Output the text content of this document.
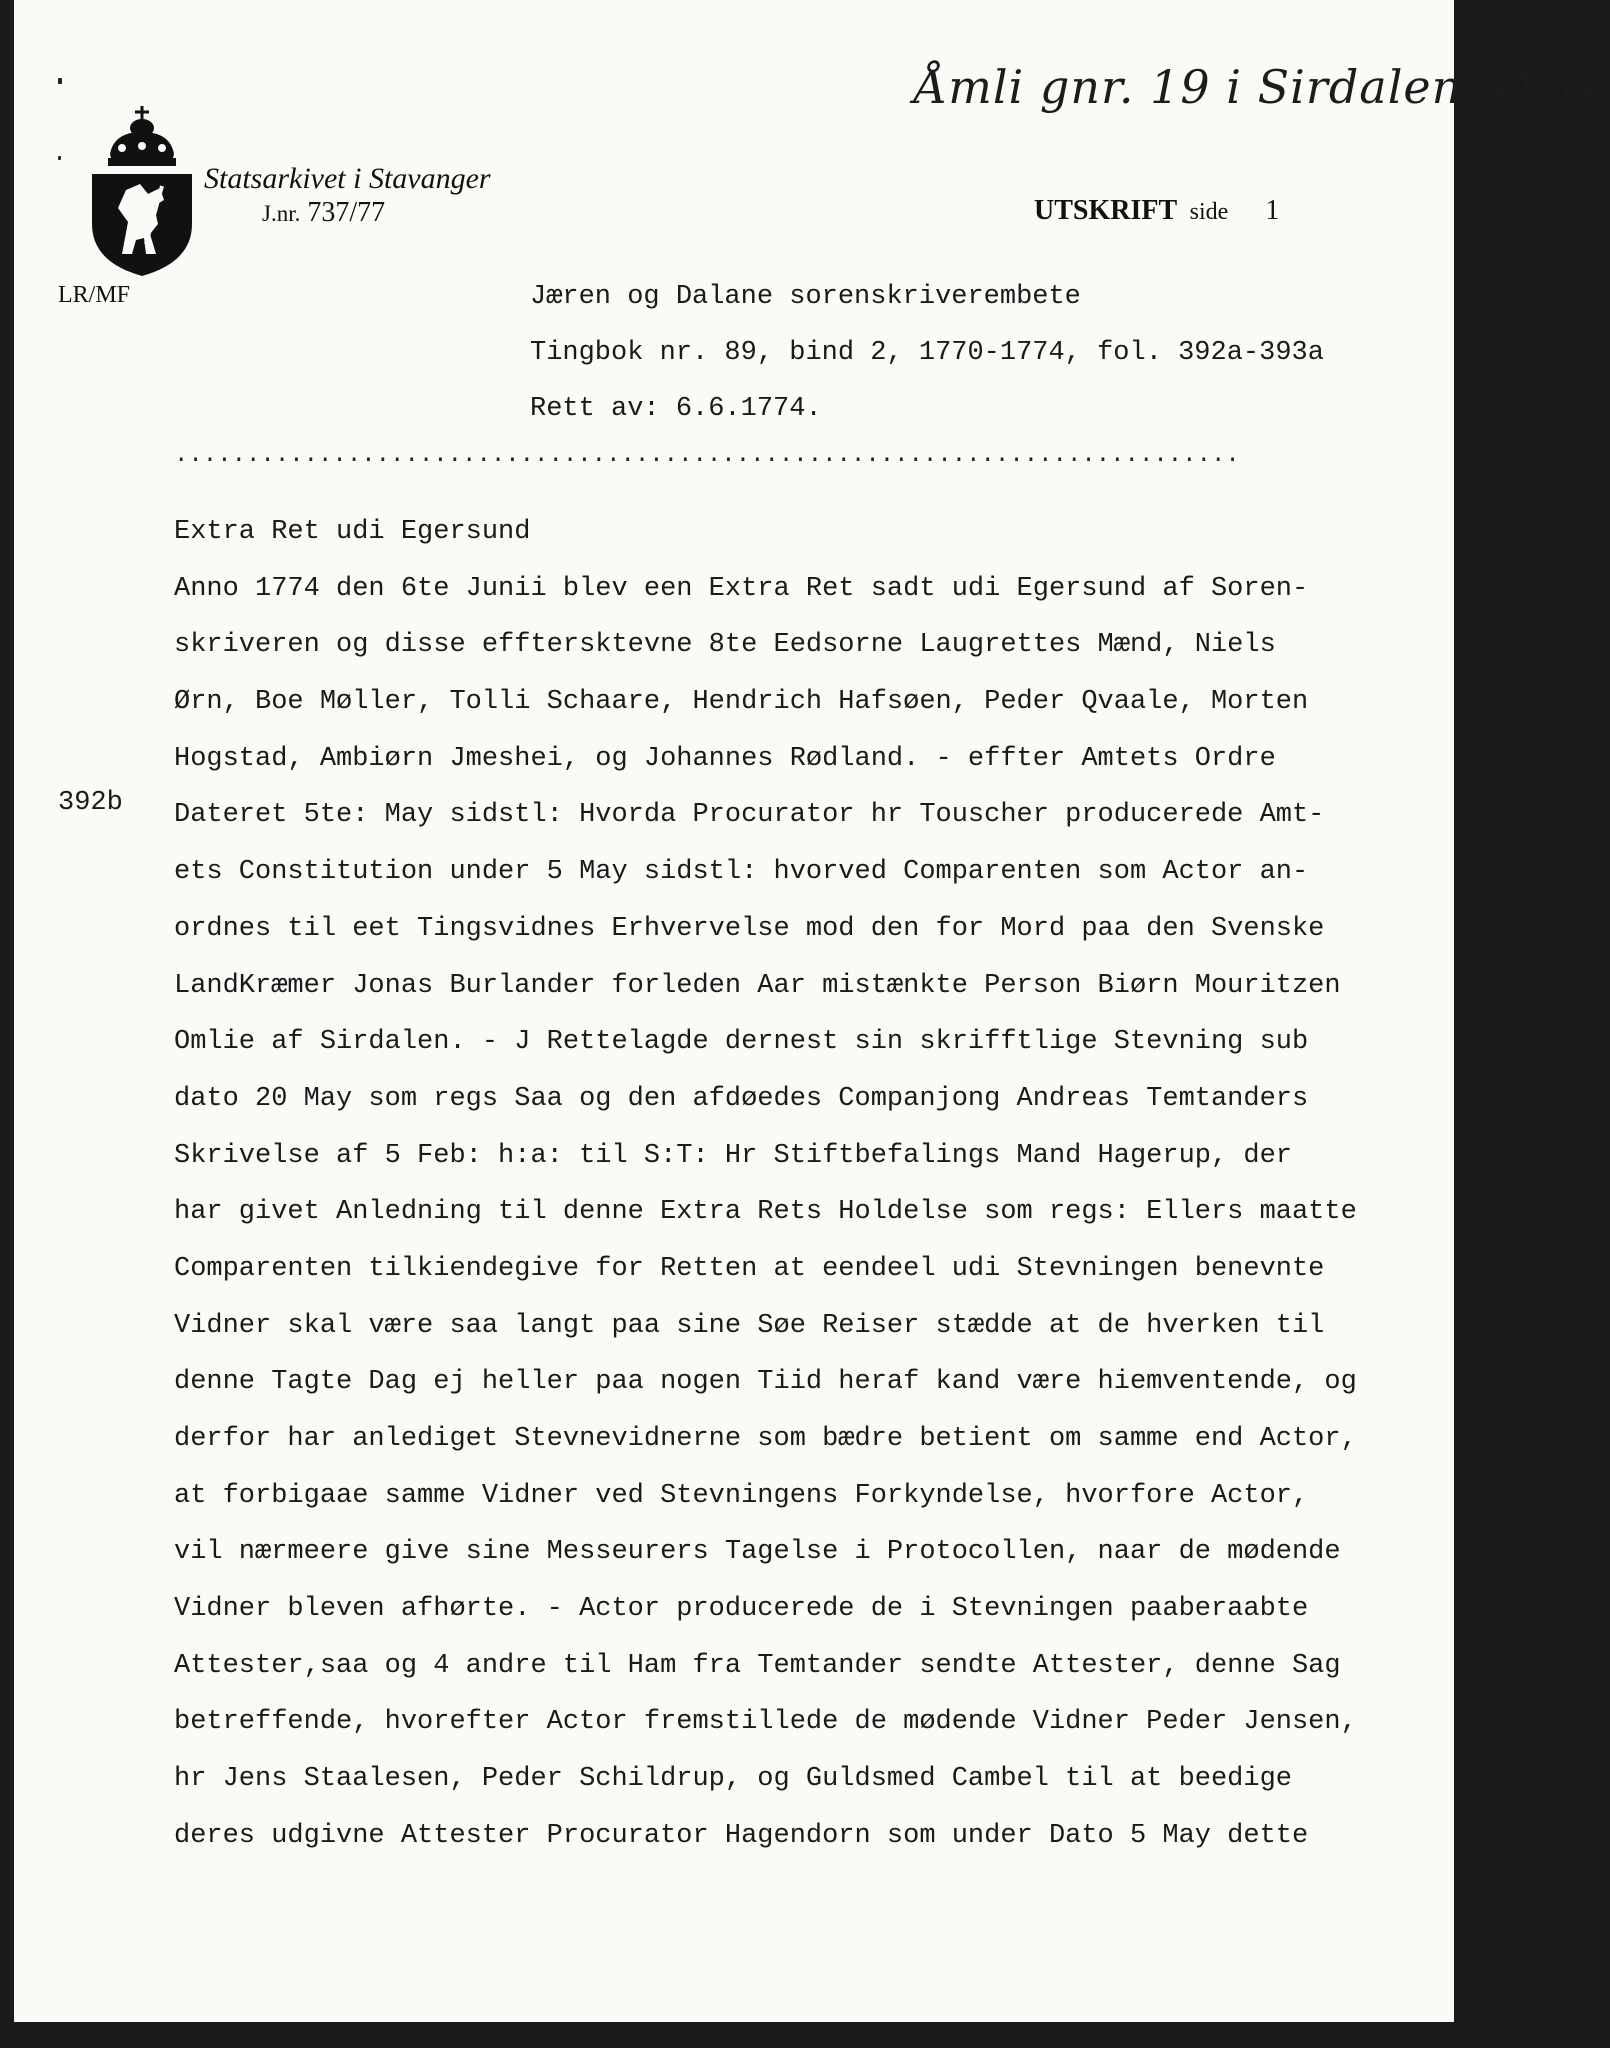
Åmli gnr. 19 i Sirdalen. Øvre
Statsarkivet i Stavanger
J.nr. 737/77	UTSKRIFT side 1
LR/MF	Jæren og Dalane sorenskriverembete
Tingbok nr. 89, bind 2, 1770-1774, fol. 392a-393a
Rett av: 6.6.1774.
..........................................................................
392b
Extra Ret udi Egersund
Anno 1774 den 6te Junii blev een Extra Ret sadt udi Egersund af Soren-
skriveren og disse efftersktevne 8te Eedsorne Laugrettes Mænd, Niels
Ørn, Boe Møller, Tolli Schaare, Hendrich Hafsøen, Peder Qvaale, Morten
Hogstad, Ambiørn Jmeshei, og Johannes Rødland. - effter Amtets Ordre
Dateret 5te: May sidstl: Hvorda Procurator hr Touscher producerede Amt-
ets Constitution under 5 May sidstl: hvorved Comparenten som Actor an-
ordnes til eet Tingsvidnes Erhvervelse mod den for Mord paa den Svenske
LandKræmer Jonas Burlander forleden Aar mistænkte Person Biørn Mouritzen
Omlie af Sirdalen. - J Rettelagde dernest sin skrifftlige Stevning sub
dato 20 May som regs Saa og den afdøedes Companjong Andreas Temtanders
Skrivelse af 5 Feb: h:a: til S:T: Hr Stiftbefalings Mand Hagerup, der
har givet Anledning til denne Extra Rets Holdelse som regs: Ellers maatte
Comparenten tilkiendegive for Retten at eendeel udi Stevningen benevnte
Vidner skal være saa langt paa sine Søe Reiser stædde at de hverken til
denne Tagte Dag ej heller paa nogen Tiid heraf kand være hiemventende, og
derfor har anlediget Stevnevidnerne som bædre betient om samme end Actor,
at forbigaae samme Vidner ved Stevningens Forkyndelse, hvorfore Actor,
vil nærmeere give sine Messeurers Tagelse i Protocollen, naar de mødende
Vidner bleven afhørte. - Actor producerede de i Stevningen paaberaabte
Attester,saa og 4 andre til Ham fra Temtander sendte Attester, denne Sag
betreffende, hvorefter Actor fremstillede de mødende Vidner Peder Jensen,
hr Jens Staalesen, Peder Schildrup, og Guldsmed Cambel til at beedige
deres udgivne Attester Procurator Hagendorn som under Dato 5 May dette
